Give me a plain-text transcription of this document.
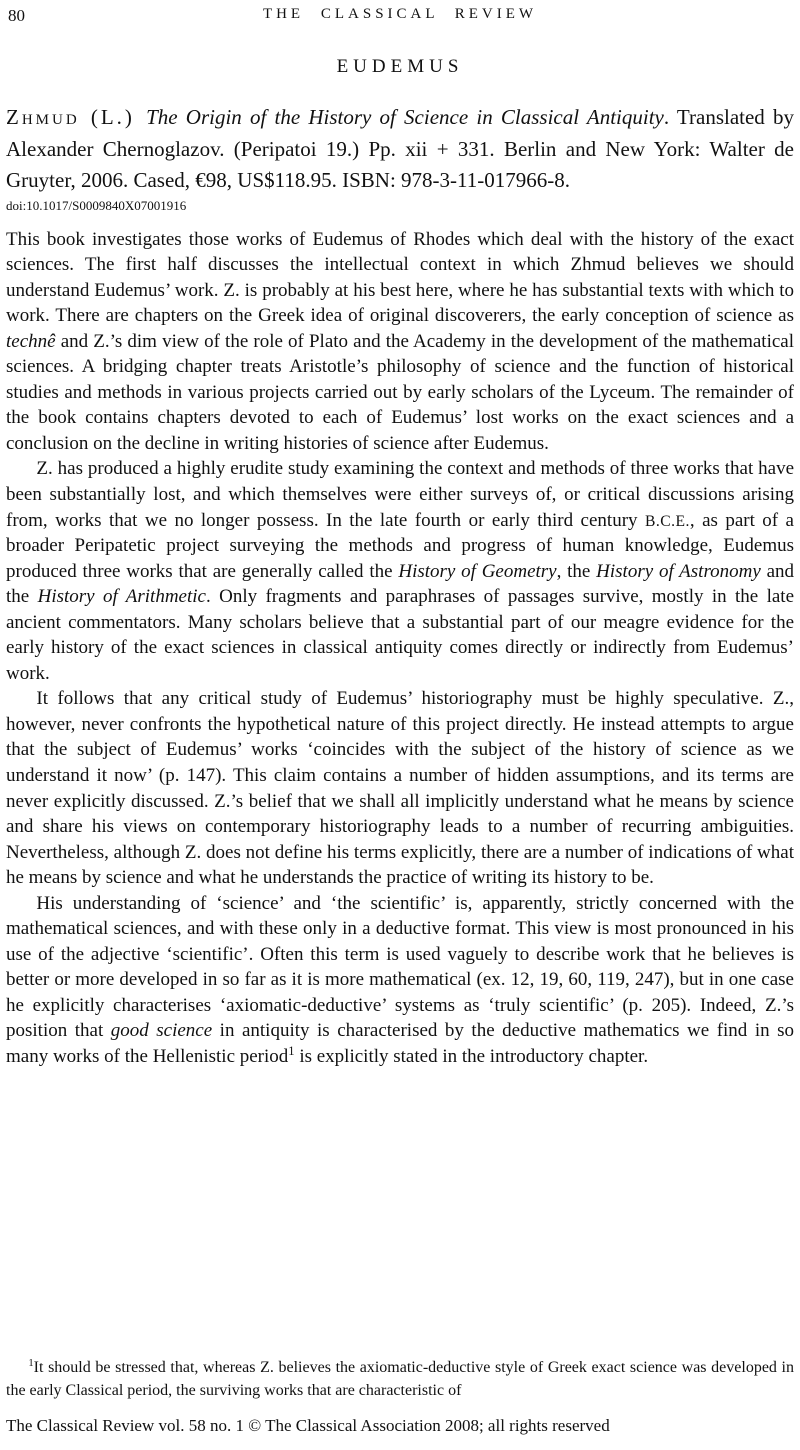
80	THE CLASSICAL REVIEW
EUDEMUS

Zhmud (L.) The Origin of the History of Science in Classical Antiquity. Translated by Alexander Chernoglazov. (Peripatoi 19.) Pp. xii + 331. Berlin and New York: Walter de Gruyter, 2006. Cased, €98, US$118.95. ISBN: 978-3-11-017966-8.

doi:10.1017/S0009840X07001916

This book investigates those works of Eudemus of Rhodes which deal with the history of the exact sciences. The first half discusses the intellectual context in which Zhmud believes we should understand Eudemus’ work. Z. is probably at his best here, where he has substantial texts with which to work. There are chapters on the Greek idea of original discoverers, the early conception of science as technê and Z.’s dim view of the role of Plato and the Academy in the development of the mathematical sciences. A bridging chapter treats Aristotle’s philosophy of science and the function of historical studies and methods in various projects carried out by early scholars of the Lyceum. The remainder of the book contains chapters devoted to each of Eudemus’ lost works on the exact sciences and a conclusion on the decline in writing histories of science after Eudemus.

Z. has produced a highly erudite study examining the context and methods of three works that have been substantially lost, and which themselves were either surveys of, or critical discussions arising from, works that we no longer possess. In the late fourth or early third century B.C.E., as part of a broader Peripatetic project surveying the methods and progress of human knowledge, Eudemus produced three works that are generally called the History of Geometry, the History of Astronomy and the History of Arithmetic. Only fragments and paraphrases of passages survive, mostly in the late ancient commentators. Many scholars believe that a substantial part of our meagre evidence for the early history of the exact sciences in classical antiquity comes directly or indirectly from Eudemus’ work.

It follows that any critical study of Eudemus’ historiography must be highly speculative. Z., however, never confronts the hypothetical nature of this project directly. He instead attempts to argue that the subject of Eudemus’ works ‘coincides with the subject of the history of science as we understand it now’ (p. 147). This claim contains a number of hidden assumptions, and its terms are never explicitly discussed. Z.’s belief that we shall all implicitly understand what he means by science and share his views on contemporary historiography leads to a number of recurring ambiguities. Nevertheless, although Z. does not define his terms explicitly, there are a number of indications of what he means by science and what he understands the practice of writing its history to be.

His understanding of ‘science’ and ‘the scientific’ is, apparently, strictly concerned with the mathematical sciences, and with these only in a deductive format. This view is most pronounced in his use of the adjective ‘scientific’. Often this term is used vaguely to describe work that he believes is better or more developed in so far as it is more mathematical (ex. 12, 19, 60, 119, 247), but in one case he explicitly characterises ‘axiomatic-deductive’ systems as ‘truly scientific’ (p. 205). Indeed, Z.’s position that good science in antiquity is characterised by the deductive mathematics we find in so many works of the Hellenistic period$^1$ is explicitly stated in the introductory chapter.

$^1$It should be stressed that, whereas Z. believes the axiomatic-deductive style of Greek exact science was developed in the early Classical period, the surviving works that are characteristic of
The Classical Review vol. 58 no. 1 © The Classical Association 2008; all rights reserved
